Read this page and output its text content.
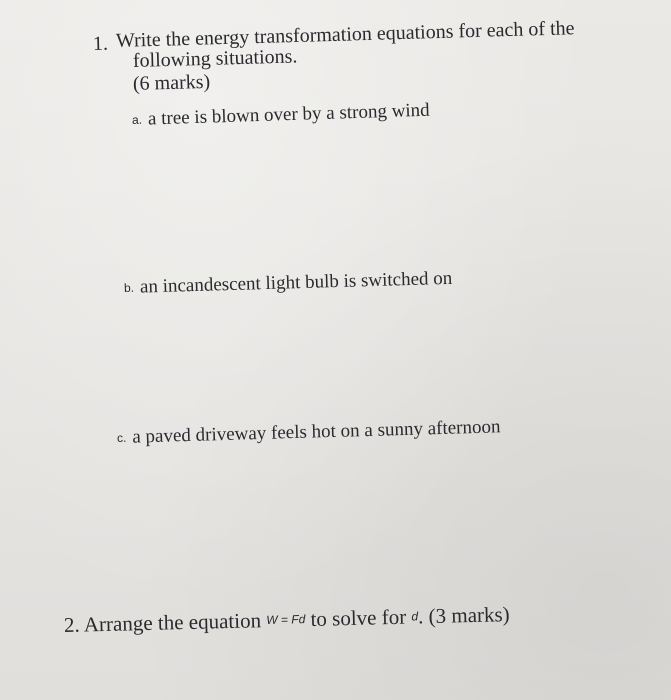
1. Write the energy transformation equations for each of the
following situations.
(6 marks)
a. a tree is blown over by a strong wind
b. an incandescent light bulb is switched on
c. a paved driveway feels hot on a sunny afternoon
2. Arrange the equation W = Fd to solve for d. (3 marks)
